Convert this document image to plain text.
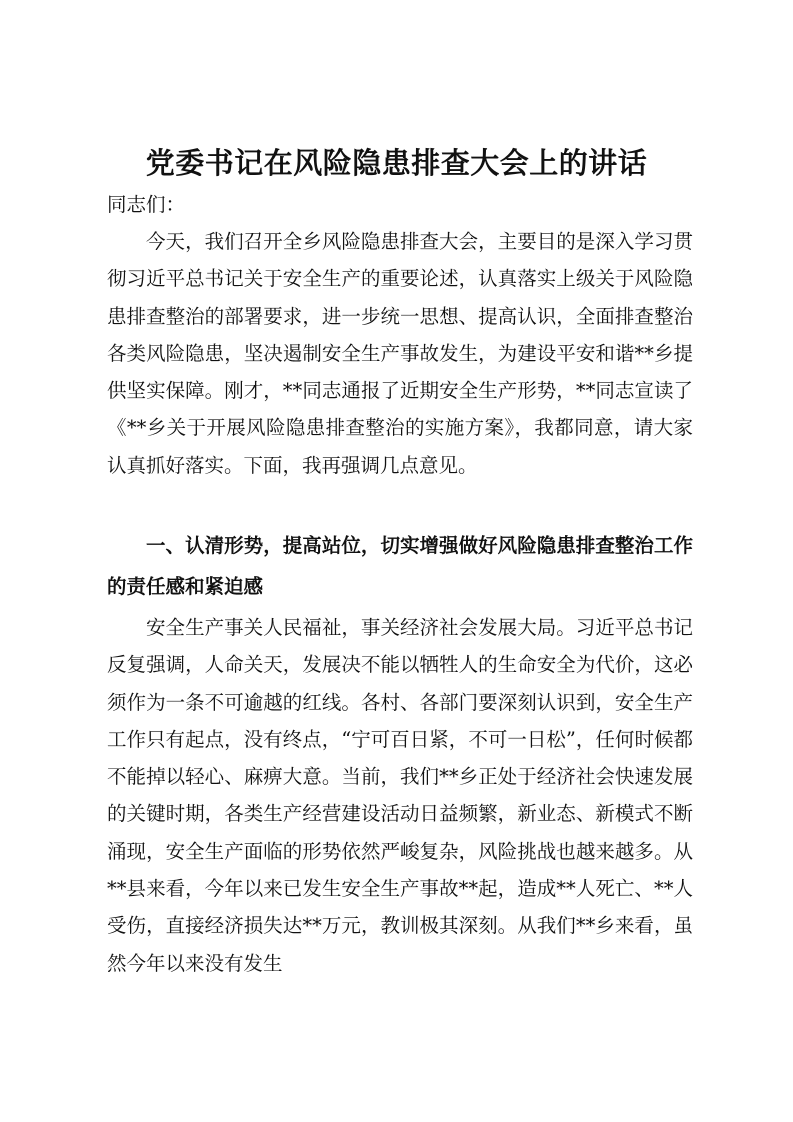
党委书记在风险隐患排查大会上的讲话

同志们：

今天，我们召开全乡风险隐患排查大会，主要目的是深入学习贯彻习近平总书记关于安全生产的重要论述，认真落实上级关于风险隐患排查整治的部署要求，进一步统一思想、提高认识，全面排查整治各类风险隐患，坚决遏制安全生产事故发生，为建设平安和谐**乡提供坚实保障。刚才，**同志通报了近期安全生产形势，**同志宣读了《**乡关于开展风险隐患排查整治的实施方案》，我都同意，请大家认真抓好落实。下面，我再强调几点意见。

一、认清形势，提高站位，切实增强做好风险隐患排查整治工作的责任感和紧迫感

安全生产事关人民福祉，事关经济社会发展大局。习近平总书记反复强调，人命关天，发展决不能以牺牲人的生命安全为代价，这必须作为一条不可逾越的红线。各村、各部门要深刻认识到，安全生产工作只有起点，没有终点，“宁可百日紧，不可一日松”，任何时候都不能掉以轻心、麻痹大意。当前，我们**乡正处于经济社会快速发展的关键时期，各类生产经营建设活动日益频繁，新业态、新模式不断涌现，安全生产面临的形势依然严峻复杂，风险挑战也越来越多。从**县来看，今年以来已发生安全生产事故**起，造成**人死亡、**人受伤，直接经济损失达**万元，教训极其深刻。从我们**乡来看，虽然今年以来没有发生
